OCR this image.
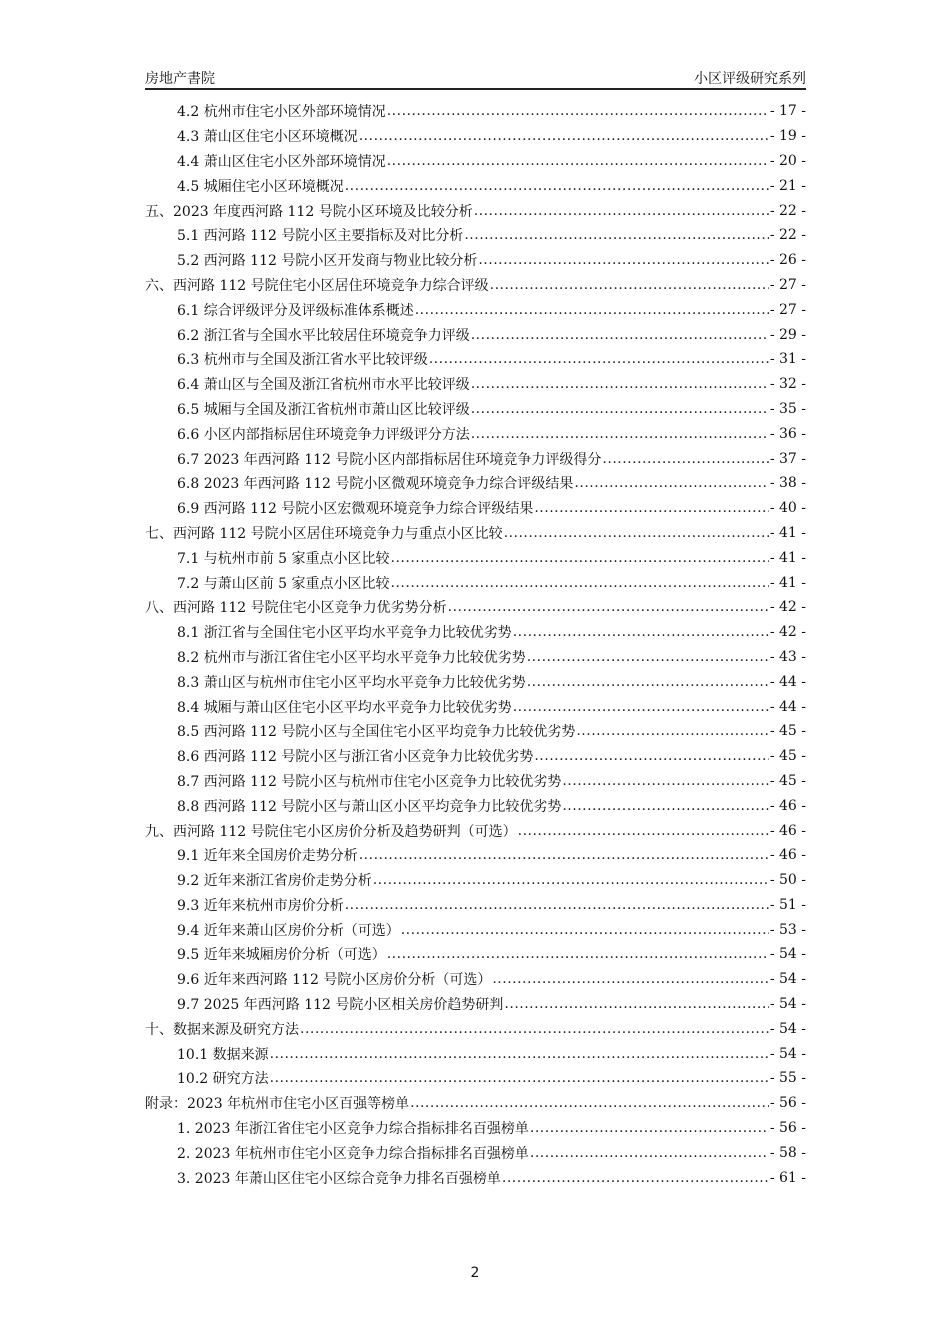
房地产書院	小区评级研究系列
4.2 杭州市住宅小区外部环境情况 .....	- 17 -
4.3 萧山区住宅小区环境概况 .....	- 19 -
4.4 萧山区住宅小区外部环境情况 .....	- 20 -
4.5 城厢住宅小区环境概况 .....	- 21 -
五、2023 年度西河路 112 号院小区环境及比较分析 .....	- 22 -
5.1 西河路 112 号院小区主要指标及对比分析 .....	- 22 -
5.2 西河路 112 号院小区开发商与物业比较分析 .....	- 26 -
六、西河路 112 号院住宅小区居住环境竞争力综合评级 .....	- 27 -
6.1 综合评级评分及评级标准体系概述 .....	- 27 -
6.2 浙江省与全国水平比较居住环境竞争力评级 .....	- 29 -
6.3 杭州市与全国及浙江省水平比较评级 .....	- 31 -
6.4 萧山区与全国及浙江省杭州市水平比较评级 .....	- 32 -
6.5 城厢与全国及浙江省杭州市萧山区比较评级 .....	- 35 -
6.6 小区内部指标居住环境竞争力评级评分方法 .....	- 36 -
6.7 2023 年西河路 112 号院小区内部指标居住环境竞争力评级得分 .....	- 37 -
6.8 2023 年西河路 112 号院小区微观环境竞争力综合评级结果 .....	- 38 -
6.9 西河路 112 号院小区宏微观环境竞争力综合评级结果 .....	- 40 -
七、西河路 112 号院小区居住环境竞争力与重点小区比较 .....	- 41 -
7.1 与杭州市前 5 家重点小区比较 .....	- 41 -
7.2 与萧山区前 5 家重点小区比较 .....	- 41 -
八、西河路 112 号院住宅小区竞争力优劣势分析 .....	- 42 -
8.1 浙江省与全国住宅小区平均水平竞争力比较优劣势 .....	- 42 -
8.2 杭州市与浙江省住宅小区平均水平竞争力比较优劣势 .....	- 43 -
8.3 萧山区与杭州市住宅小区平均水平竞争力比较优劣势 .....	- 44 -
8.4 城厢与萧山区住宅小区平均水平竞争力比较优劣势 .....	- 44 -
8.5 西河路 112 号院小区与全国住宅小区平均竞争力比较优劣势 .....	- 45 -
8.6 西河路 112 号院小区与浙江省小区竞争力比较优劣势 .....	- 45 -
8.7 西河路 112 号院小区与杭州市住宅小区竞争力比较优劣势 .....	- 45 -
8.8 西河路 112 号院小区与萧山区小区平均竞争力比较优劣势 .....	- 46 -
九、西河路 112 号院住宅小区房价分析及趋势研判（可选） .....	- 46 -
9.1 近年来全国房价走势分析 .....	- 46 -
9.2 近年来浙江省房价走势分析 .....	- 50 -
9.3 近年来杭州市房价分析 .....	- 51 -
9.4 近年来萧山区房价分析（可选） .....	- 53 -
9.5 近年来城厢房价分析（可选） .....	- 54 -
9.6 近年来西河路 112 号院小区房价分析（可选） .....	- 54 -
9.7 2025 年西河路 112 号院小区相关房价趋势研判 .....	- 54 -
十、数据来源及研究方法 .....	- 54 -
10.1 数据来源 .....	- 54 -
10.2 研究方法 .....	- 55 -
附录：2023 年杭州市住宅小区百强等榜单 .....	- 56 -
1. 2023 年浙江省住宅小区竞争力综合指标排名百强榜单 .....	- 56 -
2. 2023 年杭州市住宅小区竞争力综合指标排名百强榜单 .....	- 58 -
3. 2023 年萧山区住宅小区综合竞争力排名百强榜单 .....	- 61 -
2
